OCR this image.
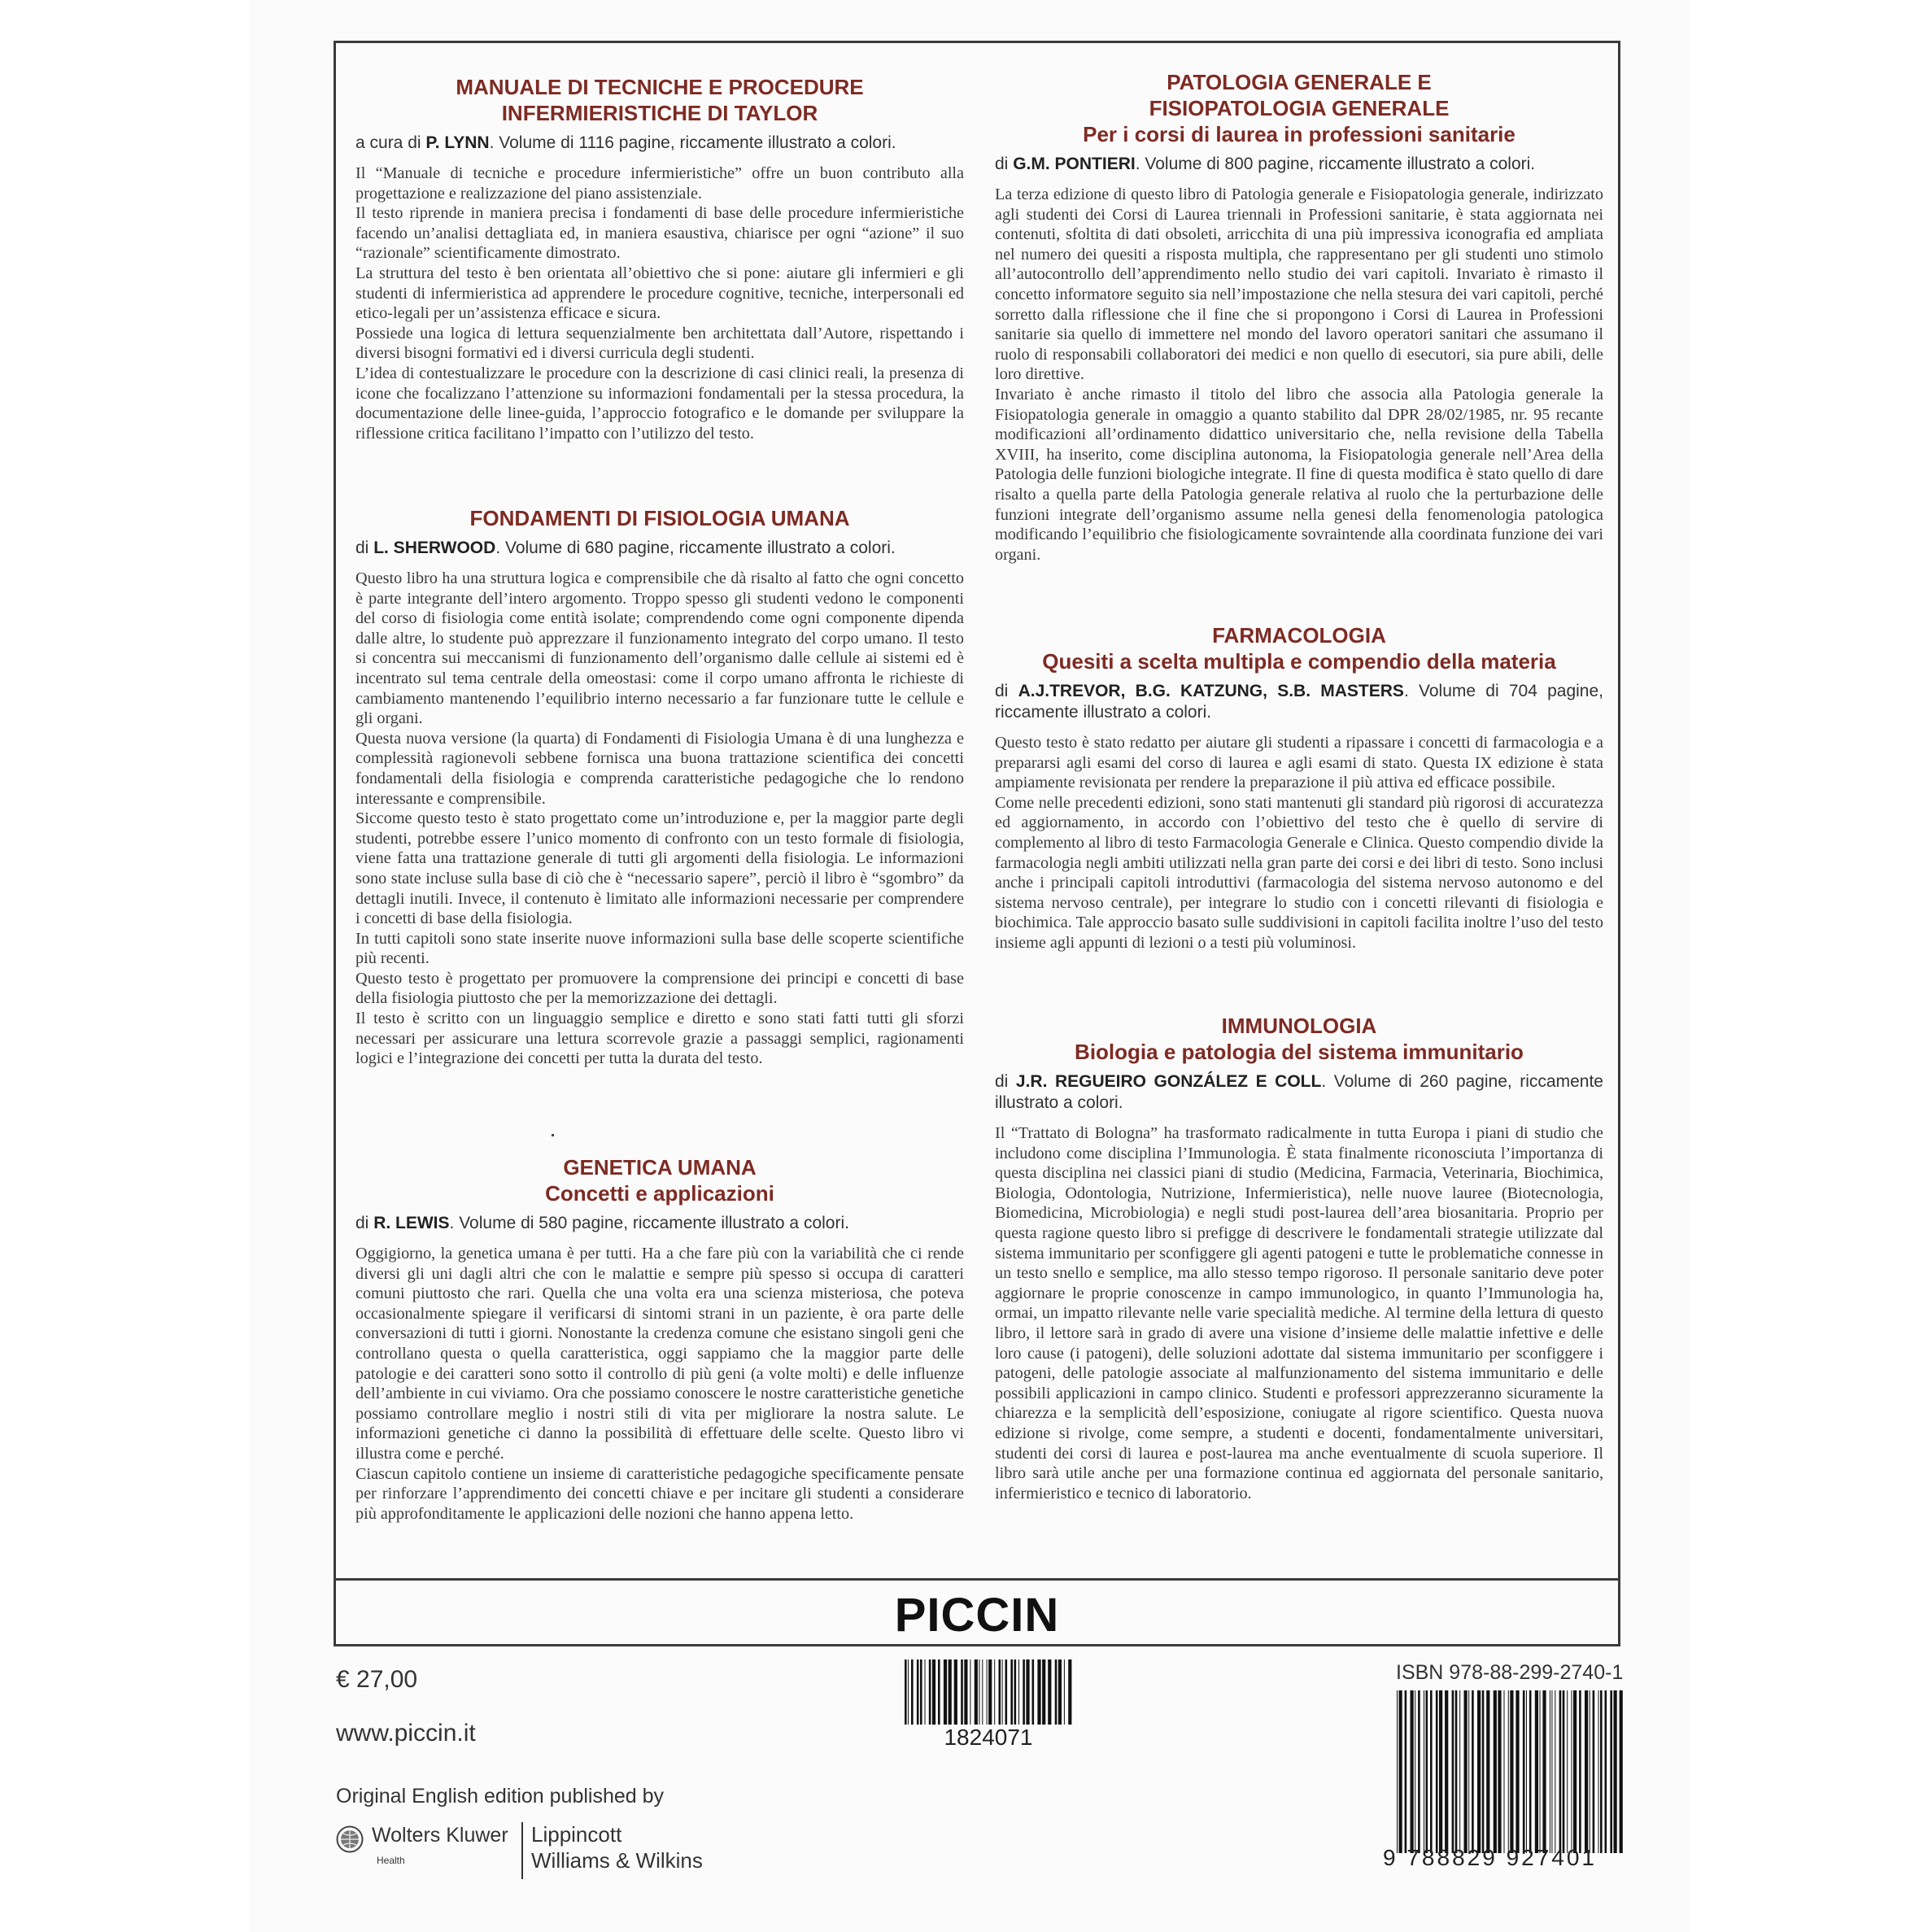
MANUALE DI TECNICHE E PROCEDURE
INFERMIERISTICHE DI TAYLOR
a cura di P. LYNN. Volume di 1116 pagine, riccamente illustrato a colori.

Il “Manuale di tecniche e procedure infermieristiche” offre un buon contributo alla progettazione e realizzazione del piano assistenziale.

Il testo riprende in maniera precisa i fondamenti di base delle procedure infermieristiche facendo un’analisi dettagliata ed, in maniera esaustiva, chiarisce per ogni “azione” il suo “razionale” scientificamente dimostrato.

La struttura del testo è ben orientata all’obiettivo che si pone: aiutare gli infermieri e gli studenti di infermieristica ad apprendere le procedure cognitive, tecniche, interpersonali ed etico-legali per un’assistenza efficace e sicura.

Possiede una logica di lettura sequenzialmente ben architettata dall’Autore, rispettando i diversi bisogni formativi ed i diversi curricula degli studenti.

L’idea di contestualizzare le procedure con la descrizione di casi clinici reali, la presenza di icone che focalizzano l’attenzione su informazioni fondamentali per la stessa procedura, la documentazione delle linee-guida, l’approccio fotografico e le domande per sviluppare la riflessione critica facilitano l’impatto con l’utilizzo del testo.

FONDAMENTI DI FISIOLOGIA UMANA
di L. SHERWOOD. Volume di 680 pagine, riccamente illustrato a colori.

Questo libro ha una struttura logica e comprensibile che dà risalto al fatto che ogni concetto è parte integrante dell’intero argomento. Troppo spesso gli studenti vedono le componenti del corso di fisiologia come entità isolate; comprendendo come ogni componente dipenda dalle altre, lo studente può apprezzare il funzionamento integrato del corpo umano. Il testo si concentra sui meccanismi di funzionamento dell’organismo dalle cellule ai sistemi ed è incentrato sul tema centrale della omeostasi: come il corpo umano affronta le richieste di cambiamento mantenendo l’equilibrio interno necessario a far funzionare tutte le cellule e gli organi.

Questa nuova versione (la quarta) di Fondamenti di Fisiologia Umana è di una lunghezza e complessità ragionevoli sebbene fornisca una buona trattazione scientifica dei concetti fondamentali della fisiologia e comprenda caratteristiche pedagogiche che lo rendono interessante e comprensibile.

Siccome questo testo è stato progettato come un’introduzione e, per la maggior parte degli studenti, potrebbe essere l’unico momento di confronto con un testo formale di fisiologia, viene fatta una trattazione generale di tutti gli argomenti della fisiologia. Le informazioni sono state incluse sulla base di ciò che è “necessario sapere”, perciò il libro è “sgombro” da dettagli inutili. Invece, il contenuto è limitato alle informazioni necessarie per comprendere i concetti di base della fisiologia.

In tutti capitoli sono state inserite nuove informazioni sulla base delle scoperte scientifiche più recenti.

Questo testo è progettato per promuovere la comprensione dei principi e concetti di base della fisiologia piuttosto che per la memorizzazione dei dettagli.

Il testo è scritto con un linguaggio semplice e diretto e sono stati fatti tutti gli sforzi necessari per assicurare una lettura scorrevole grazie a passaggi semplici, ragionamenti logici e l’integrazione dei concetti per tutta la durata del testo.

GENETICA UMANA
Concetti e applicazioni
di R. LEWIS. Volume di 580 pagine, riccamente illustrato a colori.

Oggigiorno, la genetica umana è per tutti. Ha a che fare più con la variabilità che ci rende diversi gli uni dagli altri che con le malattie e sempre più spesso si occupa di caratteri comuni piuttosto che rari. Quella che una volta era una scienza misteriosa, che poteva occasionalmente spiegare il verificarsi di sintomi strani in un paziente, è ora parte delle conversazioni di tutti i giorni. Nonostante la credenza comune che esistano singoli geni che controllano questa o quella caratteristica, oggi sappiamo che la maggior parte delle patologie e dei caratteri sono sotto il controllo di più geni (a volte molti) e delle influenze dell’ambiente in cui viviamo. Ora che possiamo conoscere le nostre caratteristiche genetiche possiamo controllare meglio i nostri stili di vita per migliorare la nostra salute. Le informazioni genetiche ci danno la possibilità di effettuare delle scelte. Questo libro vi illustra come e perché.

Ciascun capitolo contiene un insieme di caratteristiche pedagogiche specificamente pensate per rinforzare l’apprendimento dei concetti chiave e per incitare gli studenti a considerare più approfonditamente le applicazioni delle nozioni che hanno appena letto.

PATOLOGIA GENERALE E
FISIOPATOLOGIA GENERALE
Per i corsi di laurea in professioni sanitarie
di G.M. PONTIERI. Volume di 800 pagine, riccamente illustrato a colori.

La terza edizione di questo libro di Patologia generale e Fisiopatologia generale, indirizzato agli studenti dei Corsi di Laurea triennali in Professioni sanitarie, è stata aggiornata nei contenuti, sfoltita di dati obsoleti, arricchita di una più impressiva iconografia ed ampliata nel numero dei quesiti a risposta multipla, che rappresentano per gli studenti uno stimolo all’autocontrollo dell’apprendimento nello studio dei vari capitoli. Invariato è rimasto il concetto informatore seguito sia nell’impostazione che nella stesura dei vari capitoli, perché sorretto dalla riflessione che il fine che si propongono i Corsi di Laurea in Professioni sanitarie sia quello di immettere nel mondo del lavoro operatori sanitari che assumano il ruolo di responsabili collaboratori dei medici e non quello di esecutori, sia pure abili, delle loro direttive.

Invariato è anche rimasto il titolo del libro che associa alla Patologia generale la Fisiopatologia generale in omaggio a quanto stabilito dal DPR 28/02/1985, nr. 95 recante modificazioni all’ordinamento didattico universitario che, nella revisione della Tabella XVIII, ha inserito, come disciplina autonoma, la Fisiopatologia generale nell’Area della Patologia delle funzioni biologiche integrate. Il fine di questa modifica è stato quello di dare risalto a quella parte della Patologia generale relativa al ruolo che la perturbazione delle funzioni integrate dell’organismo assume nella genesi della fenomenologia patologica modificando l’equilibrio che fisiologicamente sovraintende alla coordinata funzione dei vari organi.

FARMACOLOGIA
Quesiti a scelta multipla e compendio della materia
di A.J.TREVOR, B.G. KATZUNG, S.B. MASTERS. Volume di 704 pagine, riccamente illustrato a colori.

Questo testo è stato redatto per aiutare gli studenti a ripassare i concetti di farmacologia e a prepararsi agli esami del corso di laurea e agli esami di stato. Questa IX edizione è stata ampiamente revisionata per rendere la preparazione il più attiva ed efficace possibile.

Come nelle precedenti edizioni, sono stati mantenuti gli standard più rigorosi di accuratezza ed aggiornamento, in accordo con l’obiettivo del testo che è quello di servire di complemento al libro di testo Farmacologia Generale e Clinica. Questo compendio divide la farmacologia negli ambiti utilizzati nella gran parte dei corsi e dei libri di testo. Sono inclusi anche i principali capitoli introduttivi (farmacologia del sistema nervoso autonomo e del sistema nervoso centrale), per integrare lo studio con i concetti rilevanti di fisiologia e biochimica. Tale approccio basato sulle suddivisioni in capitoli facilita inoltre l’uso del testo insieme agli appunti di lezioni o a testi più voluminosi.

IMMUNOLOGIA
Biologia e patologia del sistema immunitario
di J.R. REGUEIRO GONZÁLEZ E COLL. Volume di 260 pagine, riccamente illustrato a colori.

Il “Trattato di Bologna” ha trasformato radicalmente in tutta Europa i piani di studio che includono come disciplina l’Immunologia. È stata finalmente riconosciuta l’importanza di questa disciplina nei classici piani di studio (Medicina, Farmacia, Veterinaria, Biochimica, Biologia, Odontologia, Nutrizione, Infermieristica), nelle nuove lauree (Biotecnologia, Biomedicina, Microbiologia) e negli studi post-laurea dell’area biosanitaria. Proprio per questa ragione questo libro si prefigge di descrivere le fondamentali strategie utilizzate dal sistema immunitario per sconfiggere gli agenti patogeni e tutte le problematiche connesse in un testo snello e semplice, ma allo stesso tempo rigoroso. Il personale sanitario deve poter aggiornare le proprie conoscenze in campo immunologico, in quanto l’Immunologia ha, ormai, un impatto rilevante nelle varie specialità mediche. Al termine della lettura di questo libro, il lettore sarà in grado di avere una visione d’insieme delle malattie infettive e delle loro cause (i patogeni), delle soluzioni adottate dal sistema immunitario per sconfiggere i patogeni, delle patologie associate al malfunzionamento del sistema immunitario e delle possibili applicazioni in campo clinico. Studenti e professori apprezzeranno sicuramente la chiarezza e la semplicità dell’esposizione, coniugate al rigore scientifico. Questa nuova edizione si rivolge, come sempre, a studenti e docenti, fondamentalmente universitari, studenti dei corsi di laurea e post-laurea ma anche eventualmente di scuola superiore. Il libro sarà utile anche per una formazione continua ed aggiornata del personale sanitario, infermieristico e tecnico di laboratorio.

PICCIN
€ 27,00
www.piccin.it
Original English edition published by
Wolters Kluwer
Health
Lippincott
Williams & Wilkins
1824071
ISBN 978-88-299-2740-1
9 788829 927401
